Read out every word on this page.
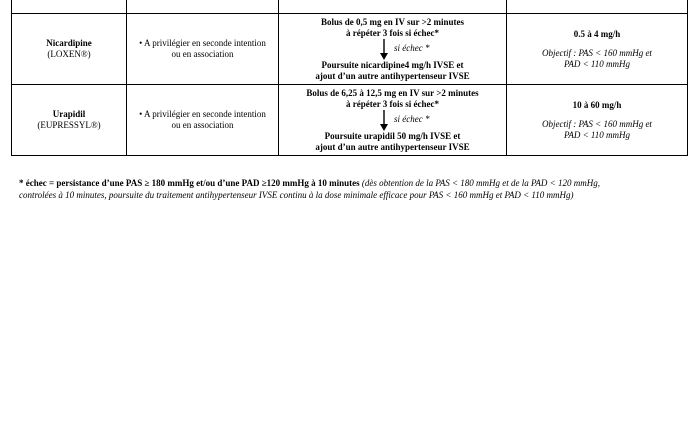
Nicardipine
(LOXEN®)	• A privilégier en seconde intention
ou en association	Bolus de 0,5 mg en IV sur >2 minutes
à répéter 3 fois si échec*
si échec *
Poursuite nicardipine4 mg/h IVSE et
ajout d’un autre antihypertenseur IVSE	0.5 à 4 mg/h
Objectif : PAS < 160 mmHg et
PAD < 110 mmHg

Urapidil
(EUPRESSYL®)	• A privilégier en seconde intention
ou en association	Bolus de 6,25 à 12,5 mg en IV sur >2 minutes
à répéter 3 fois si échec*
si échec *
Poursuite urapidil 50 mg/h IVSE et
ajout d’un autre antihypertenseur IVSE	10 à 60 mg/h
Objectif : PAS < 160 mmHg et
PAD < 110 mmHg
* échec = persistance d’une PAS ≥ 180 mmHg et/ou d’une PAD ≥120 mmHg à 10 minutes (dès obtention de la PAS < 180 mmHg et de la PAD < 120 mmHg,
controlées à 10 minutes, poursuite du traitement antihypertenseur IVSE continu à la dose minimale efficace pour PAS < 160 mmHg et PAD < 110 mmHg)
